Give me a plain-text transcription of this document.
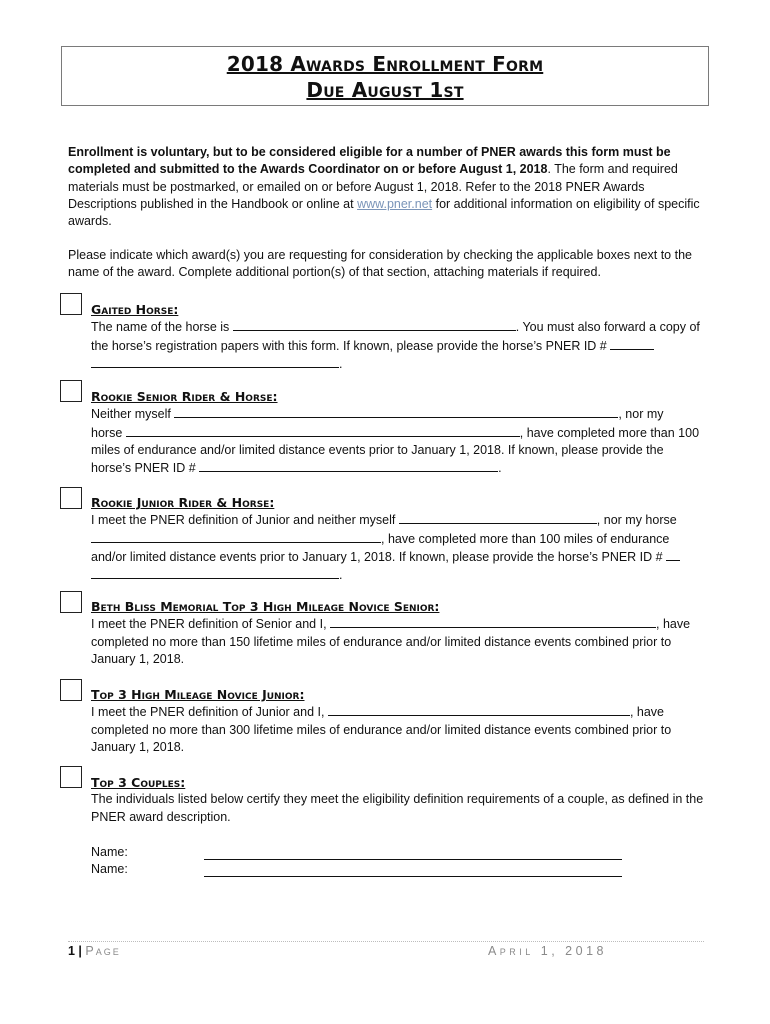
2018 Awards Enrollment Form
Due August 1st
Enrollment is voluntary, but to be considered eligible for a number of PNER awards this form must be completed and submitted to the Awards Coordinator on or before August 1, 2018. The form and required materials must be postmarked, or emailed on or before August 1, 2018. Refer to the 2018 PNER Awards Descriptions published in the Handbook or online at www.pner.net for additional information on eligibility of specific awards.
Please indicate which award(s) you are requesting for consideration by checking the applicable boxes next to the name of the award. Complete additional portion(s) of that section, attaching materials if required.
Gaited Horse:
The name of the horse is	. You must also forward a copy of the horse’s registration papers with this form. If known, please provide the horse’s PNER ID #
.
Rookie Senior Rider & Horse:
Neither myself	, nor my
horse	, have completed more than 100 miles of endurance and/or limited distance events prior to January 1, 2018. If known, please provide the horse’s PNER ID #	.
Rookie Junior Rider & Horse:
I meet the PNER definition of Junior and neither myself	, nor my horse
, have completed more than 100 miles of endurance and/or limited distance events prior to January 1, 2018. If known, please provide the horse’s PNER ID #
.
Beth Bliss Memorial Top 3 High Mileage Novice Senior:
I meet the PNER definition of Senior and I,	, have completed no more than 150 lifetime miles of endurance and/or limited distance events combined prior to January 1, 2018.
Top 3 High Mileage Novice Junior:
I meet the PNER definition of Junior and I,	, have completed no more than 300 lifetime miles of endurance and/or limited distance events combined prior to January 1, 2018.
Top 3 Couples:
The individuals listed below certify they meet the eligibility definition requirements of a couple, as defined in the PNER award description.
Name:
Name:
1 | Page	April 1, 2018
